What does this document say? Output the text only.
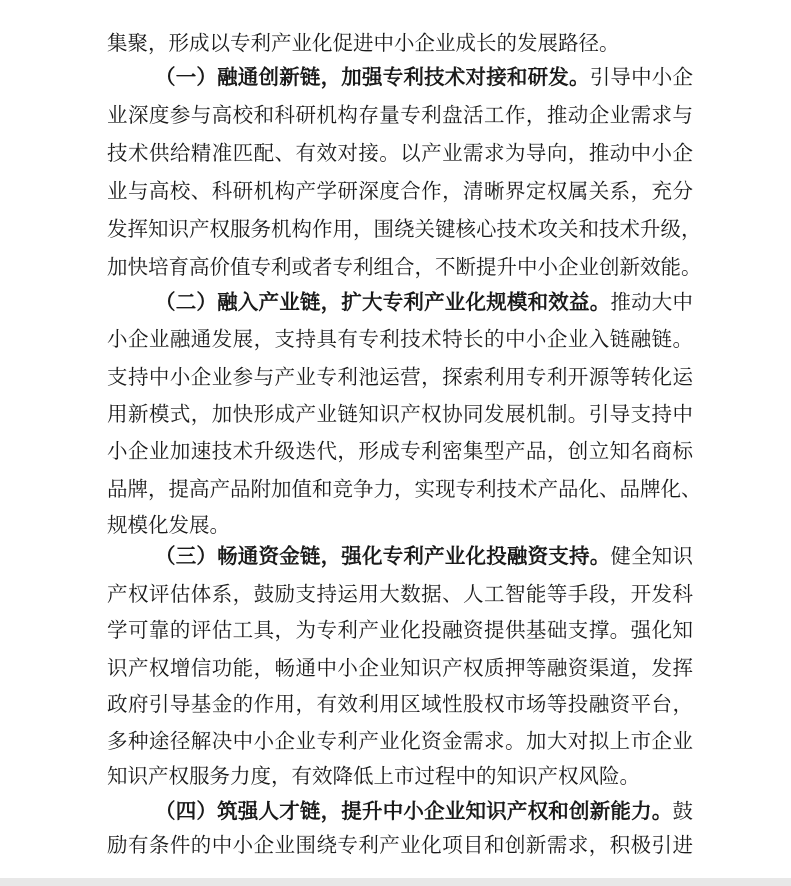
集聚，形成以专利产业化促进中小企业成长的发展路径。
（一）融通创新链，加强专利技术对接和研发。引导中小企
业深度参与高校和科研机构存量专利盘活工作，推动企业需求与
技术供给精准匹配、有效对接。以产业需求为导向，推动中小企
业与高校、科研机构产学研深度合作，清晰界定权属关系，充分
发挥知识产权服务机构作用，围绕关键核心技术攻关和技术升级，
加快培育高价值专利或者专利组合，不断提升中小企业创新效能。
（二）融入产业链，扩大专利产业化规模和效益。推动大中
小企业融通发展，支持具有专利技术特长的中小企业入链融链。
支持中小企业参与产业专利池运营，探索利用专利开源等转化运
用新模式，加快形成产业链知识产权协同发展机制。引导支持中
小企业加速技术升级迭代，形成专利密集型产品，创立知名商标
品牌，提高产品附加值和竞争力，实现专利技术产品化、品牌化、
规模化发展。
（三）畅通资金链，强化专利产业化投融资支持。健全知识
产权评估体系，鼓励支持运用大数据、人工智能等手段，开发科
学可靠的评估工具，为专利产业化投融资提供基础支撑。强化知
识产权增信功能，畅通中小企业知识产权质押等融资渠道，发挥
政府引导基金的作用，有效利用区域性股权市场等投融资平台，
多种途径解决中小企业专利产业化资金需求。加大对拟上市企业
知识产权服务力度，有效降低上市过程中的知识产权风险。
（四）筑强人才链，提升中小企业知识产权和创新能力。鼓
励有条件的中小企业围绕专利产业化项目和创新需求，积极引进
